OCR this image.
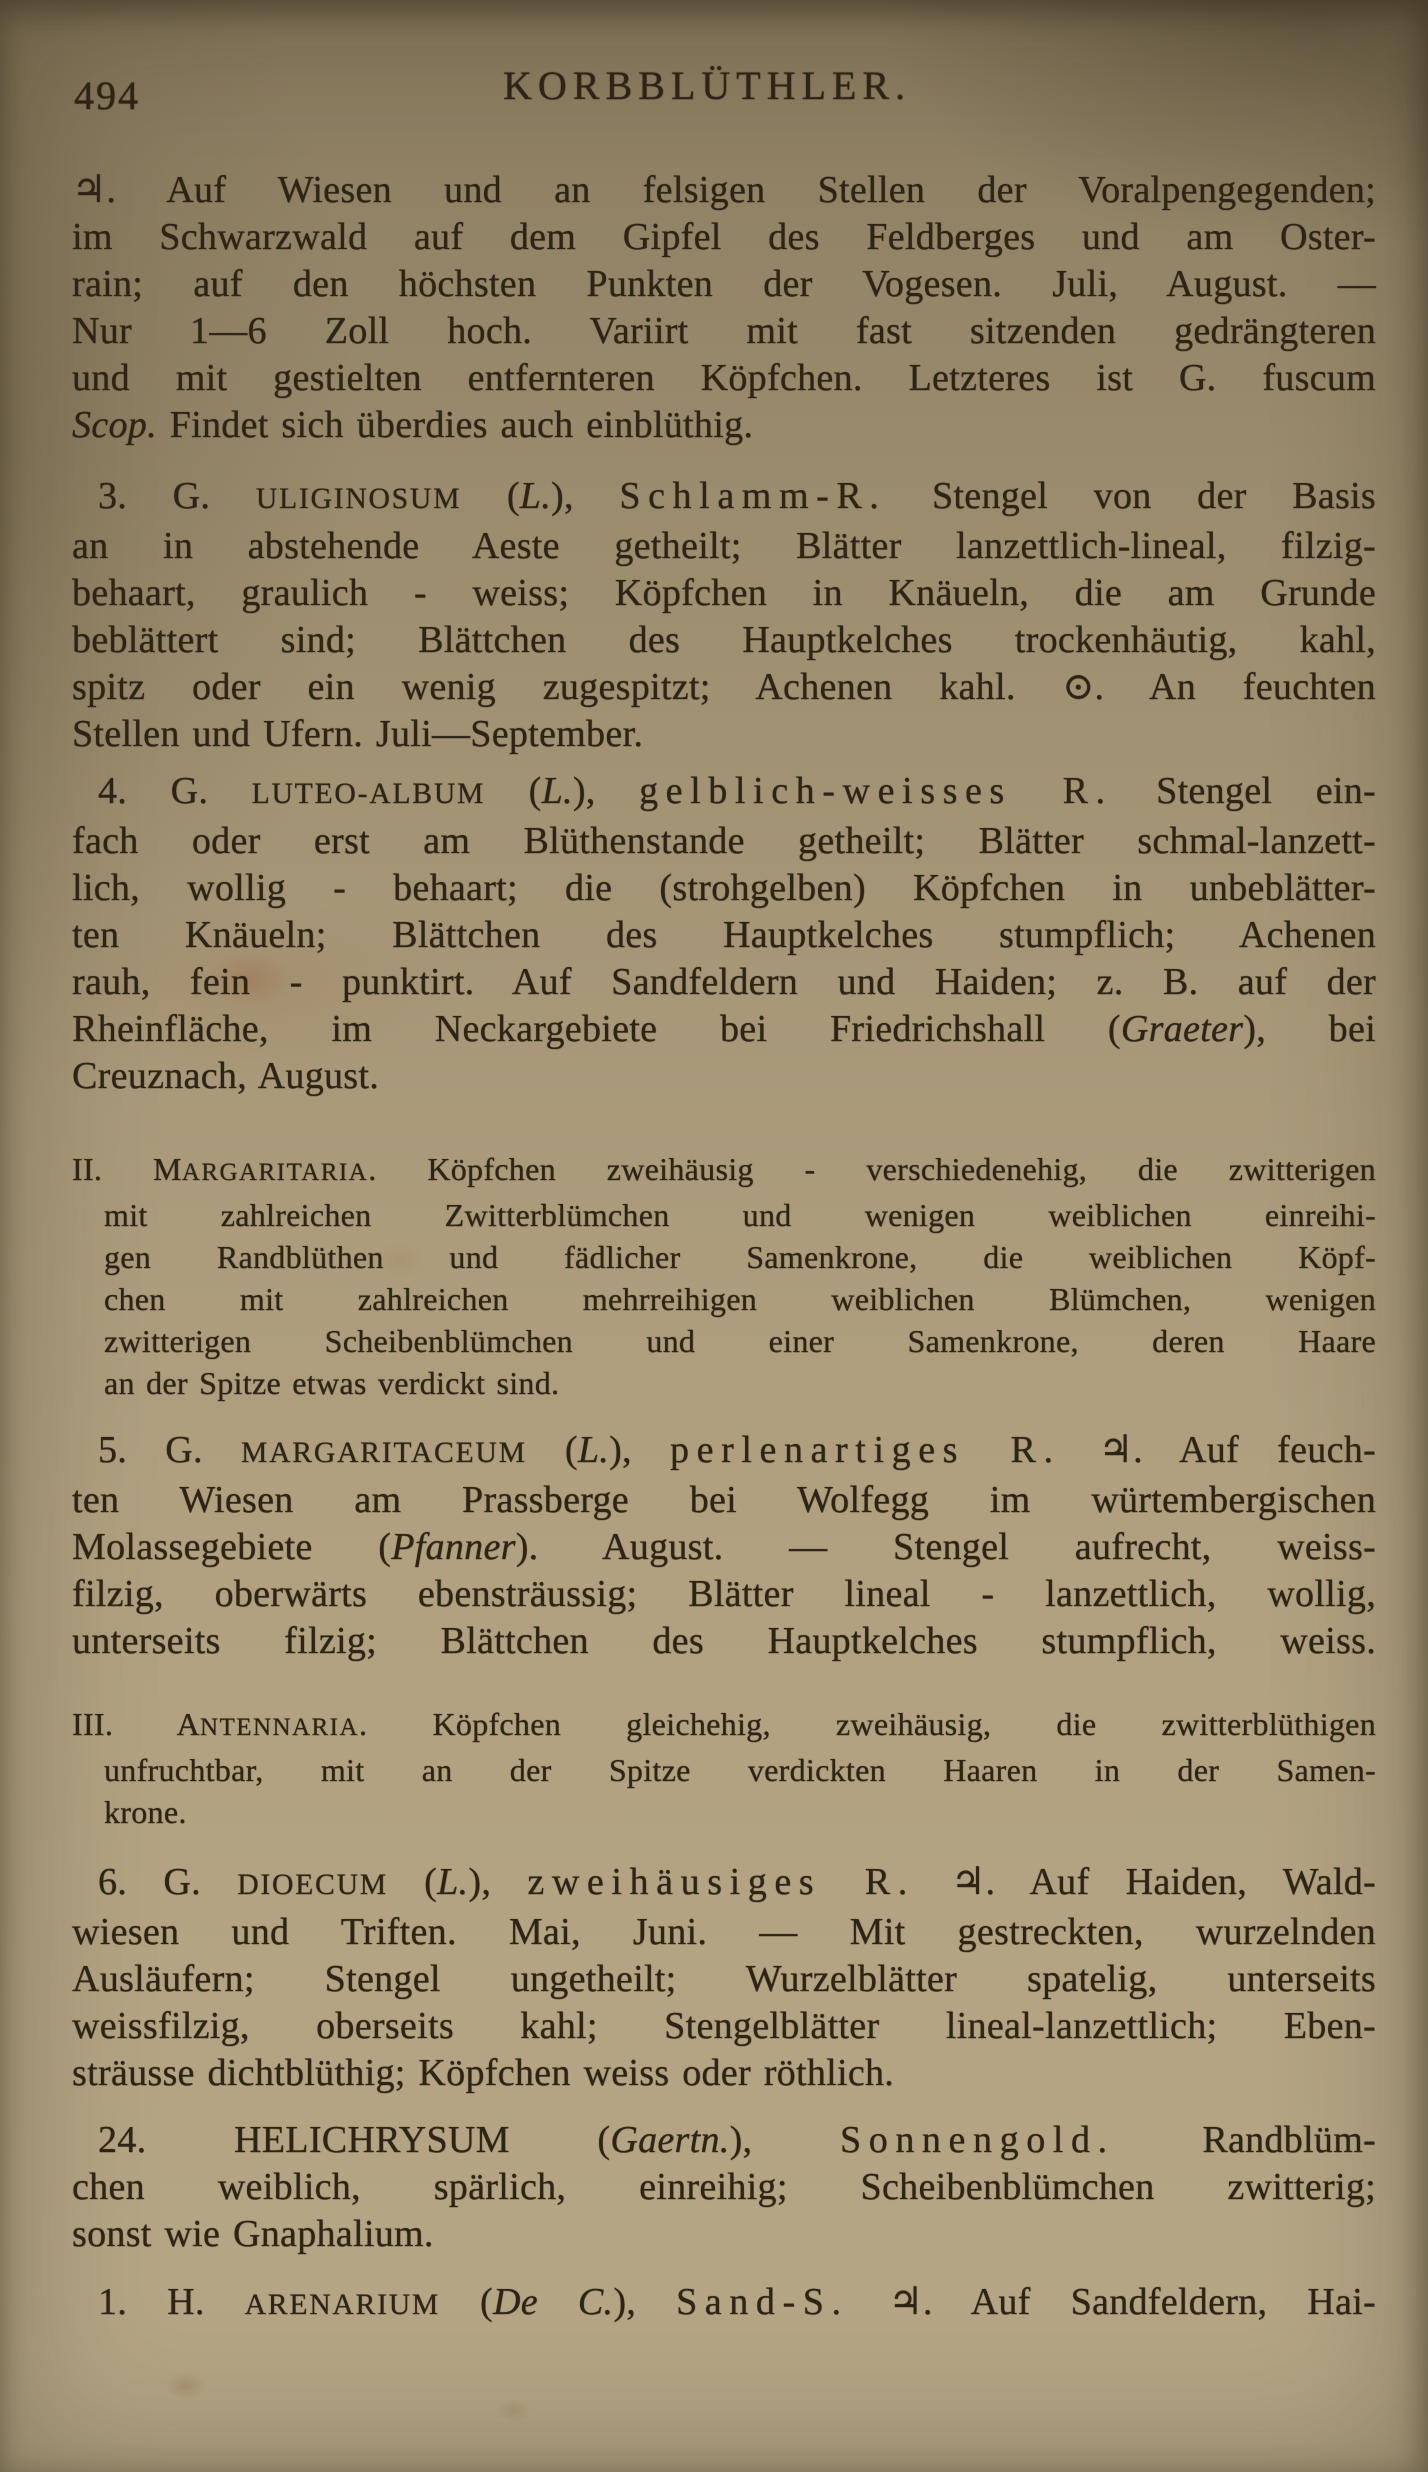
494	KORBBLÜTHLER.
♃. Auf Wiesen und an felsigen Stellen der Voralpengegenden;
im Schwarzwald auf dem Gipfel des Feldberges und am Oster-
rain; auf den höchsten Punkten der Vogesen. Juli, August. —
Nur 1—6 Zoll hoch. Variirt mit fast sitzenden gedrängteren
und mit gestielten entfernteren Köpfchen. Letzteres ist G. fuscum
Scop. Findet sich überdies auch einblüthig.
3. G. ULIGINOSUM (L.), Schlamm-R. Stengel von der Basis
an in abstehende Aeste getheilt; Blätter lanzettlich-lineal, filzig-
behaart, graulich - weiss; Köpfchen in Knäueln, die am Grunde
beblättert sind; Blättchen des Hauptkelches trockenhäutig, kahl,
spitz oder ein wenig zugespitzt; Achenen kahl. ⊙. An feuchten
Stellen und Ufern. Juli—September.
4. G. LUTEO-ALBUM (L.), gelblich-weisses R. Stengel ein-
fach oder erst am Blüthenstande getheilt; Blätter schmal-lanzett-
lich, wollig - behaart; die (strohgelben) Köpfchen in unbeblätter-
ten Knäueln; Blättchen des Hauptkelches stumpflich; Achenen
rauh, fein - punktirt. Auf Sandfeldern und Haiden; z. B. auf der
Rheinfläche, im Neckargebiete bei Friedrichshall (Graeter), bei
Creuznach, August.
II. MARGARITARIA. Köpfchen zweihäusig - verschiedenehig, die zwitterigen
mit zahlreichen Zwitterblümchen und wenigen weiblichen einreihi-
gen Randblüthen und fädlicher Samenkrone, die weiblichen Köpf-
chen mit zahlreichen mehrreihigen weiblichen Blümchen, wenigen
zwitterigen Scheibenblümchen und einer Samenkrone, deren Haare
an der Spitze etwas verdickt sind.
5. G. MARGARITACEUM (L.), perlenartiges R. ♃. Auf feuch-
ten Wiesen am Prassberge bei Wolfegg im würtembergischen
Molassegebiete (Pfanner). August. — Stengel aufrecht, weiss-
filzig, oberwärts ebensträussig; Blätter lineal - lanzettlich, wollig,
unterseits filzig; Blättchen des Hauptkelches stumpflich, weiss.
III. ANTENNARIA. Köpfchen gleichehig, zweihäusig, die zwitterblüthigen
unfruchtbar, mit an der Spitze verdickten Haaren in der Samen-
krone.
6. G. DIOECUM (L.), zweihäusiges R. ♃. Auf Haiden, Wald-
wiesen und Triften. Mai, Juni. — Mit gestreckten, wurzelnden
Ausläufern; Stengel ungetheilt; Wurzelblätter spatelig, unterseits
weissfilzig, oberseits kahl; Stengelblätter lineal-lanzettlich; Eben-
sträusse dichtblüthig; Köpfchen weiss oder röthlich.
24. HELICHRYSUM (Gaertn.), Sonnengold. Randblüm-
chen weiblich, spärlich, einreihig; Scheibenblümchen zwitterig;
sonst wie Gnaphalium.
1. H. ARENARIUM (De C.), Sand-S. ♃. Auf Sandfeldern, Hai-
